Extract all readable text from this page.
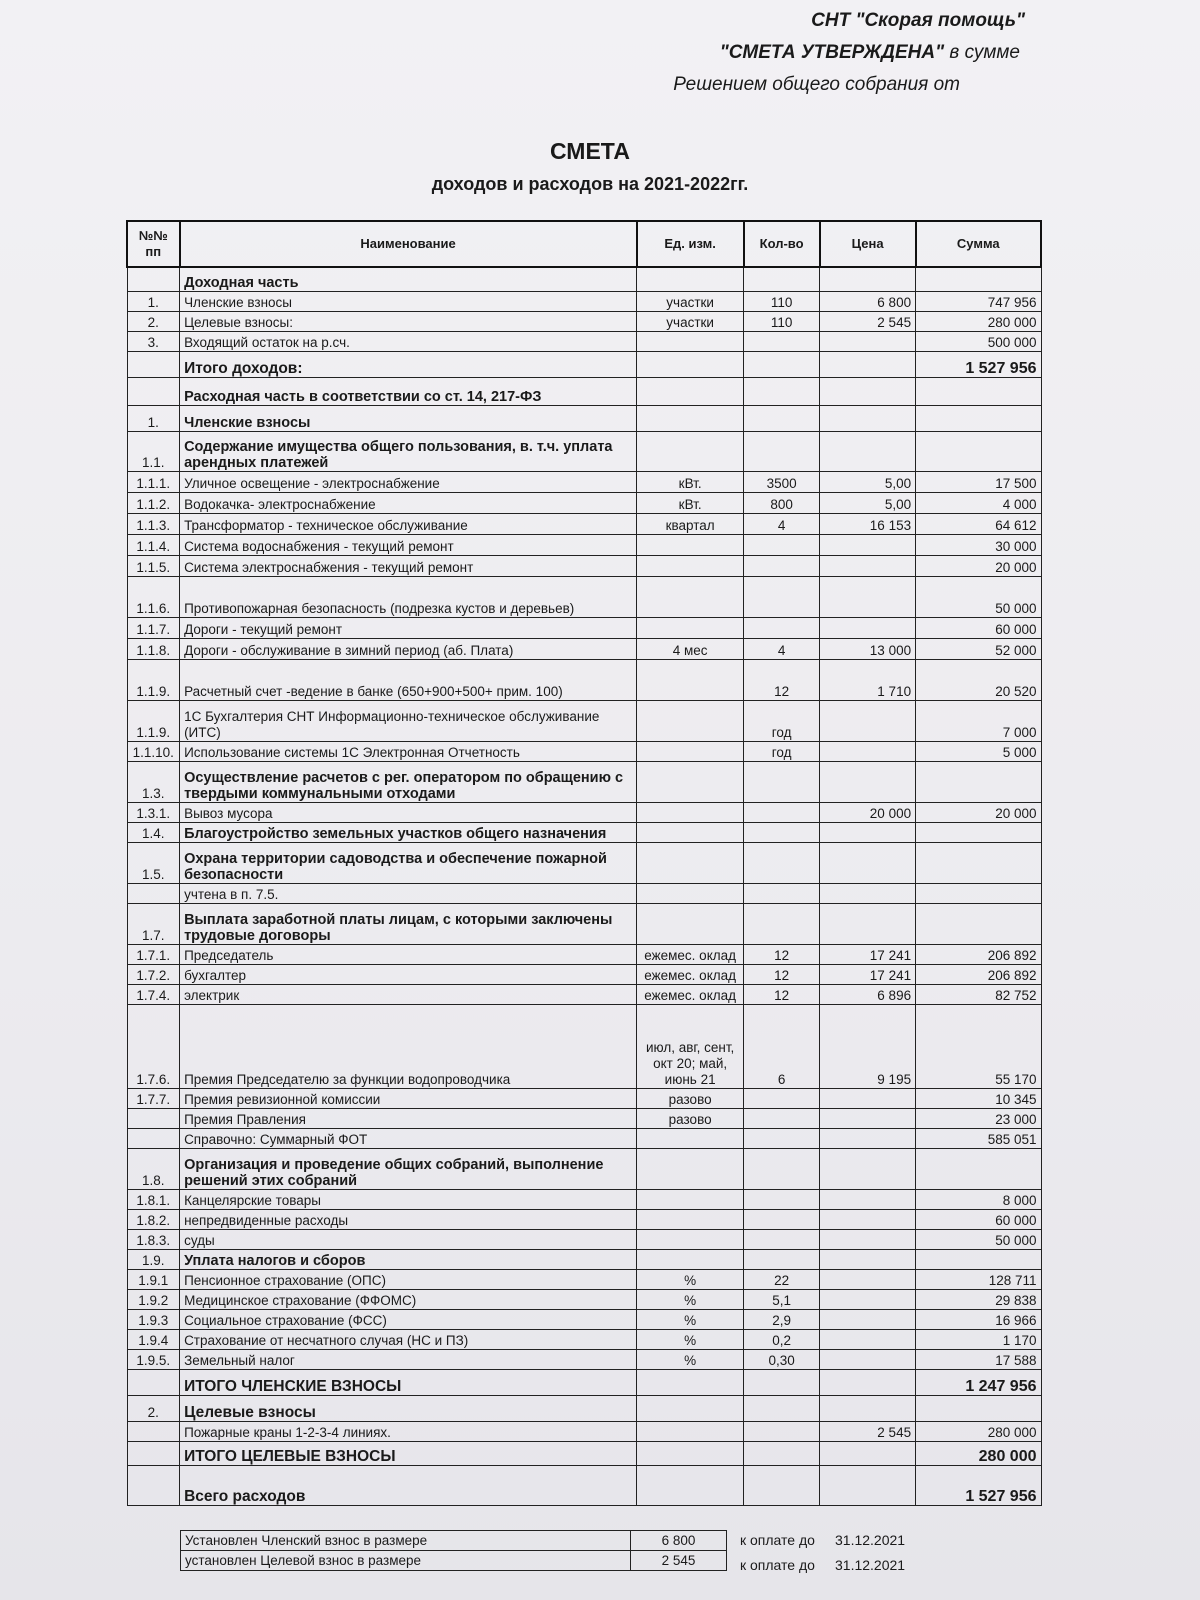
СНТ "Скорая помощь"
"СМЕТА УТВЕРЖДЕНА" в сумме
Решением общего собрания от
СМЕТА
доходов и расходов на 2021-2022гг.
№№ пп	Наименование	Ед. изм.	Кол-во	Цена	Сумма
	Доходная часть				
1.	Членские взносы	участки	110	6 800	747 956
2.	Целевые взносы:	участки	110	2 545	280 000
3.	Входящий остаток на р.сч.				500 000
	Итого доходов:				1 527 956
	Расходная часть в соответствии со ст. 14, 217-ФЗ				
1.	Членские взносы				
1.1.	Содержание имущества общего пользования, в. т.ч. уплата арендных платежей				
1.1.1.	Уличное освещение - электроснабжение	кВт.	3500	5,00	17 500
1.1.2.	Водокачка- электроснабжение	кВт.	800	5,00	4 000
1.1.3.	Трансформатор - техническое обслуживание	квартал	4	16 153	64 612
1.1.4.	Система водоснабжения - текущий ремонт				30 000
1.1.5.	Система электроснабжения - текущий ремонт				20 000
1.1.6.	Противопожарная безопасность (подрезка кустов и деревьев)				50 000
1.1.7.	Дороги - текущий ремонт				60 000
1.1.8.	Дороги - обслуживание в зимний период (аб. Плата)	4 мес	4	13 000	52 000
1.1.9.	Расчетный счет -ведение в банке (650+900+500+ прим. 100)		12	1 710	20 520
1.1.9.	1С Бухгалтерия СНТ Информационно-техническое обслуживание (ИТС)		год		7 000
1.1.10.	Использование системы 1С Электронная Отчетность		год		5 000
1.3.	Осуществление расчетов с рег. оператором по обращению с твердыми коммунальными отходами				
1.3.1.	Вывоз мусора			20 000	20 000
1.4.	Благоустройство земельных участков общего назначения				
1.5.	Охрана территории садоводства и обеспечение пожарной безопасности				
	учтена в п. 7.5.				
1.7.	Выплата заработной платы лицам, с которыми заключены трудовые договоры				
1.7.1.	Председатель	ежемес. оклад	12	17 241	206 892
1.7.2.	бухгалтер	ежемес. оклад	12	17 241	206 892
1.7.4.	электрик	ежемес. оклад	12	6 896	82 752
1.7.6.	Премия Председателю за функции водопроводчика	июл, авг, сент, окт 20; май, июнь 21	6	9 195	55 170
1.7.7.	Премия ревизионной комиссии	разово			10 345
	Премия Правления	разово			23 000
	Справочно: Суммарный ФОТ				585 051
1.8.	Организация и проведение общих собраний, выполнение решений этих собраний				
1.8.1.	Канцелярские товары				8 000
1.8.2.	непредвиденные расходы				60 000
1.8.3.	суды				50 000
1.9.	Уплата налогов и сборов				
1.9.1	Пенсионное страхование (ОПС)	%	22		128 711
1.9.2	Медицинское страхование (ФФОМС)	%	5,1		29 838
1.9.3	Социальное страхование (ФСС)	%	2,9		16 966
1.9.4	Страхование от несчатного случая (НС и ПЗ)	%	0,2		1 170
1.9.5.	Земельный налог	%	0,30		17 588
	ИТОГО ЧЛЕНСКИЕ ВЗНОСЫ				1 247 956
2.	Целевые взносы				
	Пожарные краны 1-2-3-4 линиях.			2 545	280 000
	ИТОГО ЦЕЛЕВЫЕ ВЗНОСЫ				280 000
	Всего расходов				1 527 956
Установлен Членский взнос в размере	6 800
установлен Целевой взнос в размере	2 545
к оплате до 31.12.2021
к оплате до 31.12.2021
